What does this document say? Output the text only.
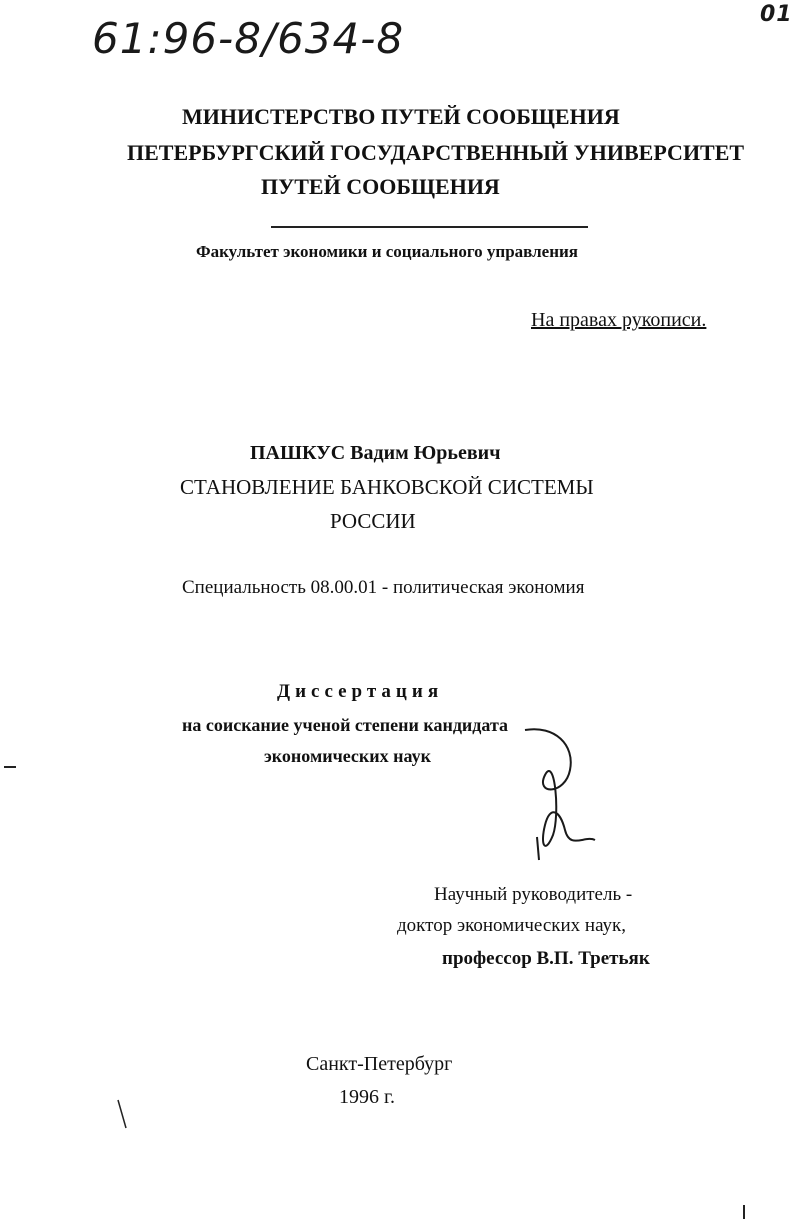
61:96-8/634-8	01
МИНИСТЕРСТВО ПУТЕЙ СООБЩЕНИЯ
ПЕТЕРБУРГСКИЙ ГОСУДАРСТВЕННЫЙ УНИВЕРСИТЕТ
ПУТЕЙ СООБЩЕНИЯ
Факультет экономики и социального управления
На правах рукописи.
ПАШКУС Вадим Юрьевич
СТАНОВЛЕНИЕ БАНКОВСКОЙ СИСТЕМЫ
РОССИИ
Специальность 08.00.01 - политическая экономия
Диссертация
на соискание ученой степени кандидата
экономических наук
Научный руководитель -
доктор экономических наук,
профессор В.П. Третьяк
Санкт-Петербург
1996 г.
